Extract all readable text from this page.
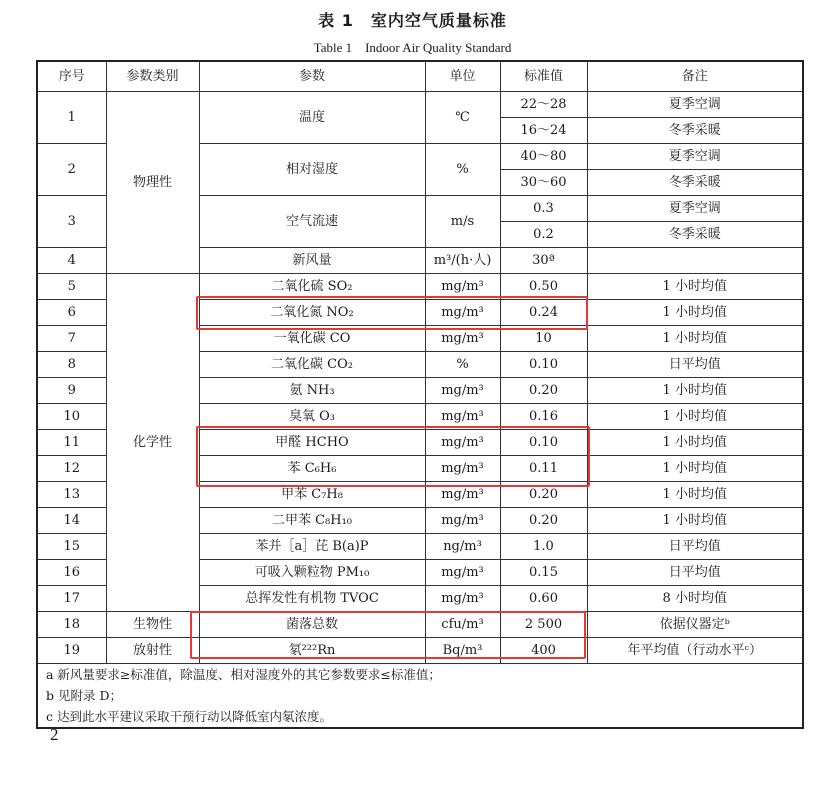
表 1　室内空气质量标准
Table 1　Indoor Air Quality Standard
序号	参数类别	参数	单位	标准值	备注
1	物理性	温度	℃	22～28	夏季空调
				16～24	冬季采暖
2		相对湿度	%	40～80	夏季空调
				30～60	冬季采暖
3		空气流速	m/s	0.3	夏季空调
				0.2	冬季采暖
4		新风量	m³/(h·人)	30ª	
5	化学性	二氧化硫 SO₂	mg/m³	0.50	1 小时均值
6		二氧化氮 NO₂	mg/m³	0.24	1 小时均值
7		一氧化碳 CO	mg/m³	10	1 小时均值
8		二氧化碳 CO₂	%	0.10	日平均值
9		氨 NH₃	mg/m³	0.20	1 小时均值
10		臭氧 O₃	mg/m³	0.16	1 小时均值
11		甲醛 HCHO	mg/m³	0.10	1 小时均值
12		苯 C₆H₆	mg/m³	0.11	1 小时均值
13		甲苯 C₇H₈	mg/m³	0.20	1 小时均值
14		二甲苯 C₈H₁₀	mg/m³	0.20	1 小时均值
15		苯并［a］芘 B(a)P	ng/m³	1.0	日平均值
16		可吸入颗粒物 PM₁₀	mg/m³	0.15	日平均值
17		总挥发性有机物 TVOC	mg/m³	0.60	8 小时均值
18	生物性	菌落总数	cfu/m³	2 500	依据仪器定ᵇ
19	放射性	氡²²²Rn	Bq/m³	400	年平均值（行动水平ᶜ）

a 新风量要求≥标准值，除温度、相对湿度外的其它参数要求≤标准值；
b 见附录 D；
c 达到此水平建议采取干预行动以降低室内氡浓度。					
2
